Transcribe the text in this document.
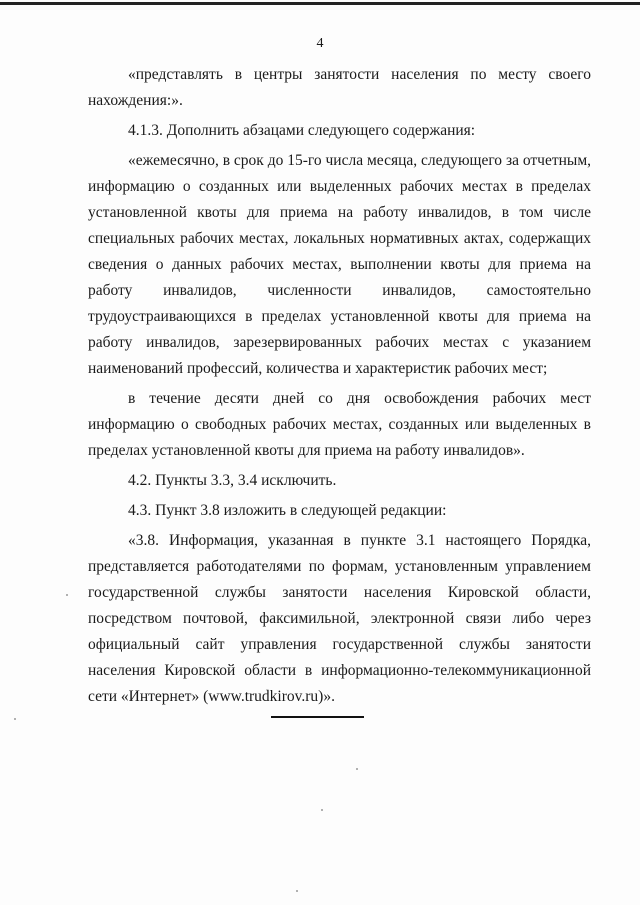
4

«представлять в центры занятости населения по месту своего нахождения:».

4.1.3. Дополнить абзацами следующего содержания:

«ежемесячно, в срок до 15-го числа месяца, следующего за отчетным, информацию о созданных или выделенных рабочих местах в пределах установленной квоты для приема на работу инвалидов, в том числе специальных рабочих местах, локальных нормативных актах, содержащих сведения о данных рабочих местах, выполнении квоты для приема на работу инвалидов, численности инвалидов, самостоятельно трудоустраивающихся в пределах установленной квоты для приема на работу инвалидов, зарезервированных рабочих местах с указанием наименований профессий, количества и характеристик рабочих мест;

в течение десяти дней со дня освобождения рабочих мест информацию о свободных рабочих местах, созданных или выделенных в пределах установленной квоты для приема на работу инвалидов».

4.2. Пункты 3.3, 3.4 исключить.

4.3. Пункт 3.8 изложить в следующей редакции:

«3.8. Информация, указанная в пункте 3.1 настоящего Порядка, представляется работодателями по формам, установленным управлением государственной службы занятости населения Кировской области, посредством почтовой, факсимильной, электронной связи либо через официальный сайт управления государственной службы занятости населения Кировской области в информационно-телекоммуникационной сети «Интернет» (www.trudkirov.ru)».
